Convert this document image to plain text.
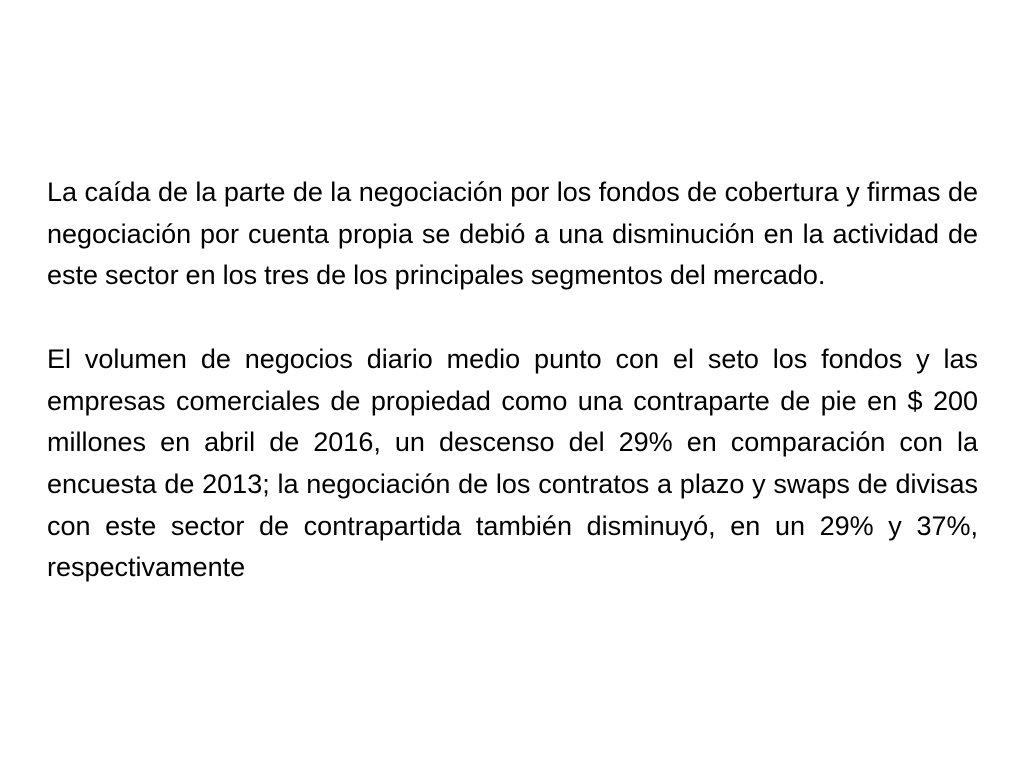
La caída de la parte de la negociación por los fondos de cobertura y firmas de negociación por cuenta propia se debió a una disminución en la actividad de este sector en los tres de los principales segmentos del mercado.

El volumen de negocios diario medio punto con el seto los fondos y las empresas comerciales de propiedad como una contraparte de pie en $ 200 millones en abril de 2016, un descenso del 29% en comparación con la encuesta de 2013; la negociación de los contratos a plazo y swaps de divisas con este sector de contrapartida también disminuyó, en un 29% y 37%, respectivamente
